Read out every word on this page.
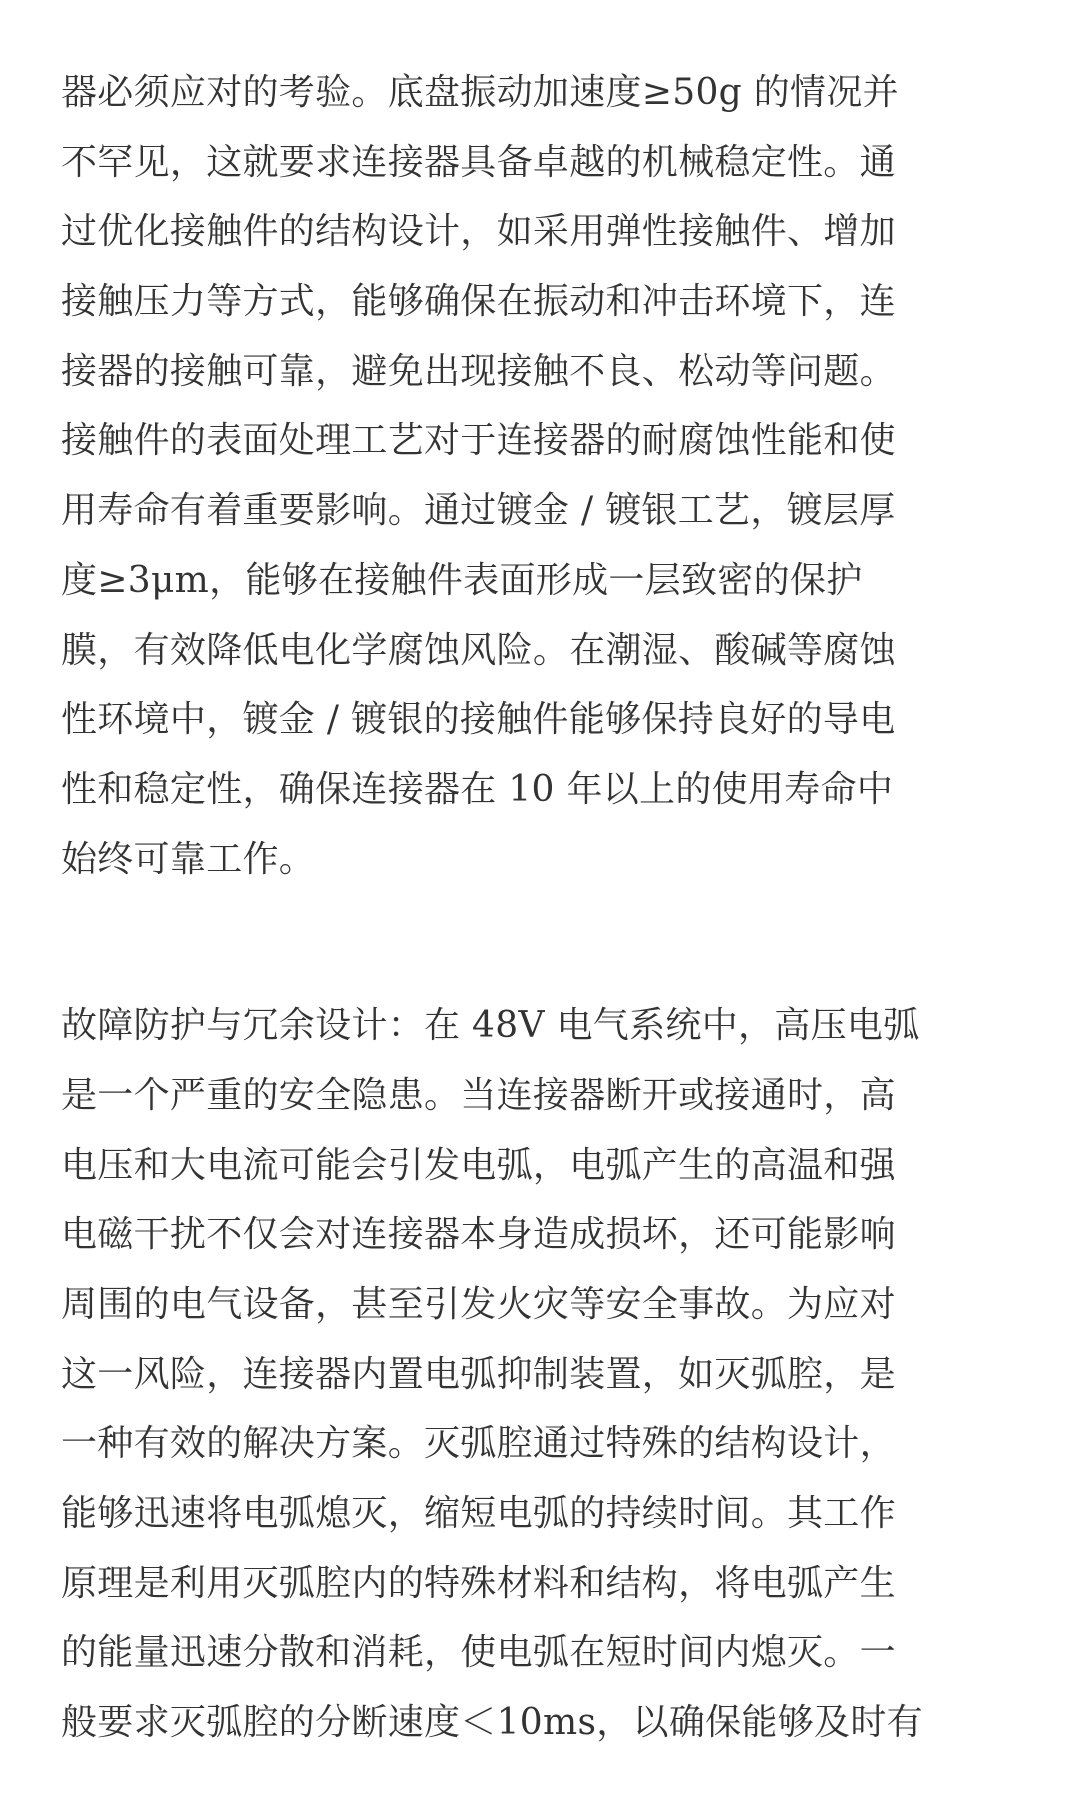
器必须应对的考验。底盘振动加速度≥50g 的情况并
不罕见，这就要求连接器具备卓越的机械稳定性。通
过优化接触件的结构设计，如采用弹性接触件、增加
接触压力等方式，能够确保在振动和冲击环境下，连
接器的接触可靠，避免出现接触不良、松动等问题。
接触件的表面处理工艺对于连接器的耐腐蚀性能和使
用寿命有着重要影响。通过镀金 / 镀银工艺，镀层厚
度≥3μm，能够在接触件表面形成一层致密的保护
膜，有效降低电化学腐蚀风险。在潮湿、酸碱等腐蚀
性环境中，镀金 / 镀银的接触件能够保持良好的导电
性和稳定性，确保连接器在 10 年以上的使用寿命中
始终可靠工作。
故障防护与冗余设计：在 48V 电气系统中，高压电弧
是一个严重的安全隐患。当连接器断开或接通时，高
电压和大电流可能会引发电弧，电弧产生的高温和强
电磁干扰不仅会对连接器本身造成损坏，还可能影响
周围的电气设备，甚至引发火灾等安全事故。为应对
这一风险，连接器内置电弧抑制装置，如灭弧腔，是
一种有效的解决方案。灭弧腔通过特殊的结构设计，
能够迅速将电弧熄灭，缩短电弧的持续时间。其工作
原理是利用灭弧腔内的特殊材料和结构，将电弧产生
的能量迅速分散和消耗，使电弧在短时间内熄灭。一
般要求灭弧腔的分断速度＜10ms，以确保能够及时有
